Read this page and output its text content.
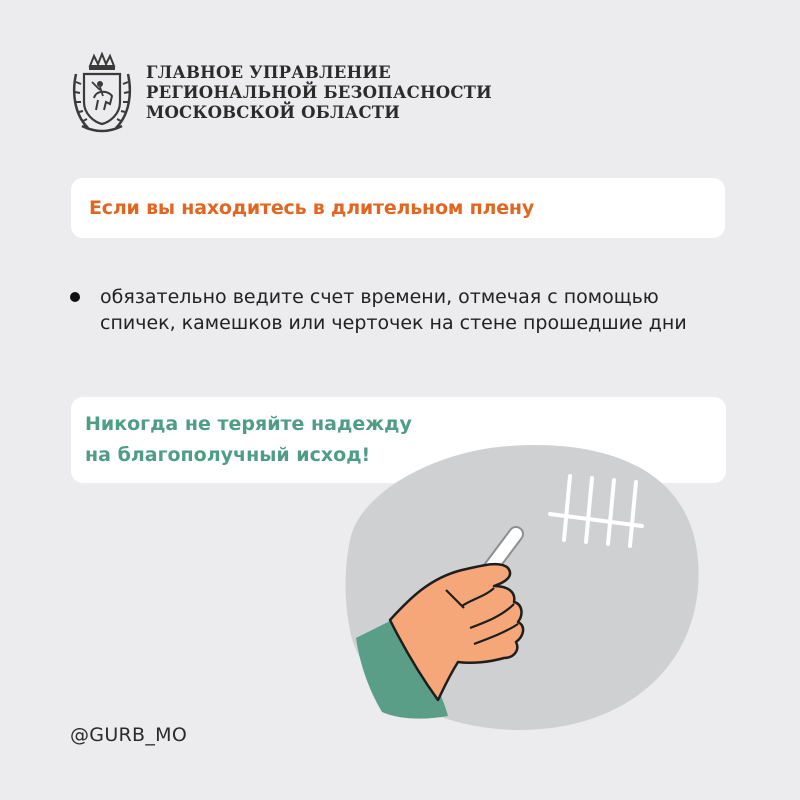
ГЛАВНОЕ УПРАВЛЕНИЕ
РЕГИОНАЛЬНОЙ БЕЗОПАСНОСТИ
МОСКОВСКОЙ ОБЛАСТИ
Если вы находитесь в длительном плену

обязательно ведите счет времени, отмечая с помощью спичек, камешков или черточек на стене прошедшие дни

Никогда не теряйте надежду
на благополучный исход!
@GURB_MO
